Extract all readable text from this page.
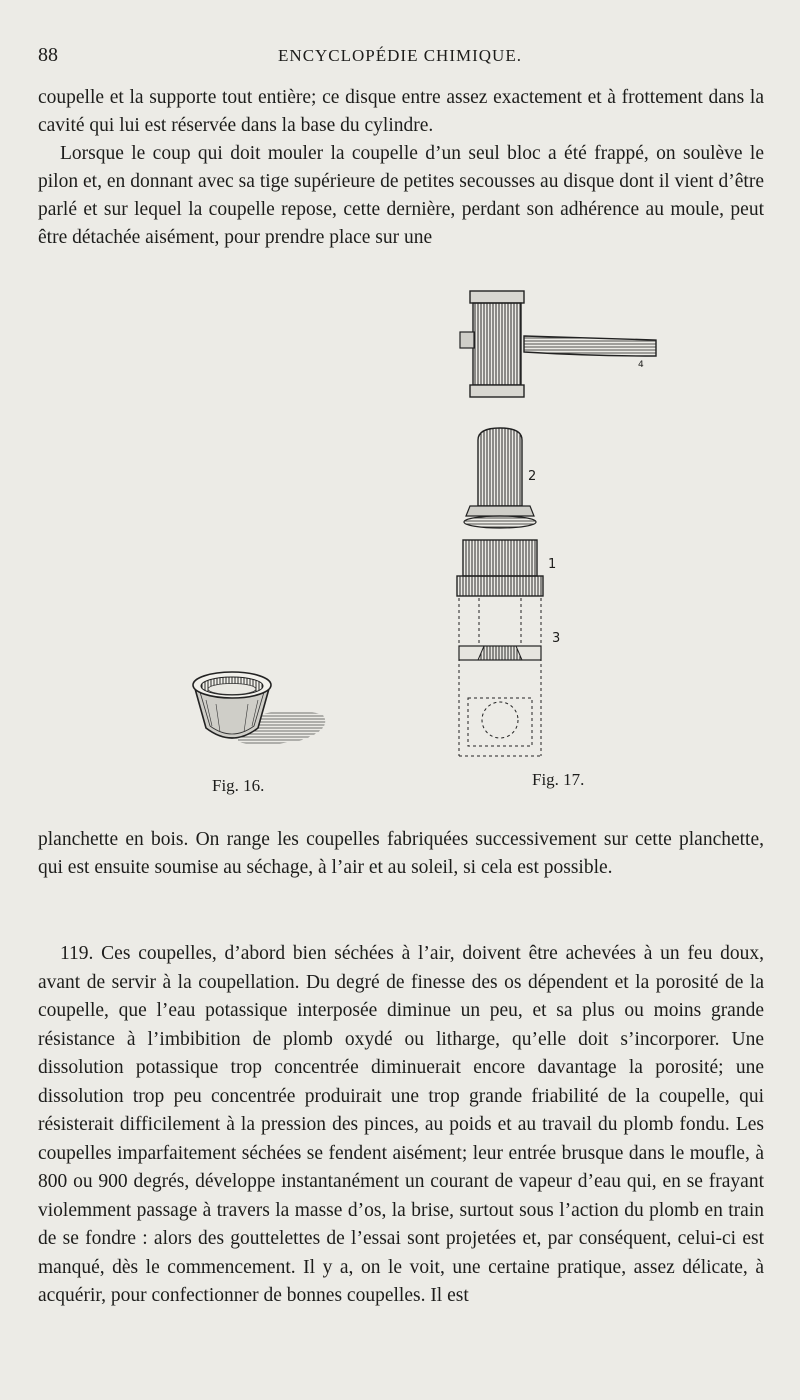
88	ENCYCLOPÉDIE CHIMIQUE.

coupelle et la supporte tout entière; ce disque entre assez exactement et à frottement dans la cavité qui lui est réservée dans la base du cylindre.

planchette en bois. On range les coupelles fabriquées successivement sur cette planchette, qui est ensuite soumise au séchage, à l’air et au soleil, si cela est possible.

119. Ces coupelles, d’abord bien séchées à l’air, doivent être achevées à un feu doux, avant de servir à la coupellation. Du degré de finesse des os dépendent et la porosité de la coupelle, que l’eau potassique interposée diminue un peu, et sa plus ou moins grande résistance à l’imbibition de plomb oxydé ou litharge, qu’elle doit s’incorporer. Une dissolution potassique trop concentrée diminuerait encore davantage la porosité; une dissolution trop peu concentrée produirait une trop grande friabilité de la coupelle, qui résisterait difficilement à la pression des pinces, au poids et au travail du plomb fondu. Les coupelles imparfaitement séchées se fendent aisément; leur entrée brusque dans le moufle, à 800 ou 900 degrés, développe instantanément un courant de vapeur d’eau qui, en se frayant violemment passage à travers la masse d’os, la brise, surtout sous l’action du plomb en train de se fondre : alors des gouttelettes de l’essai sont projetées et, par conséquent, celui-ci est manqué, dès le commencement. Il y a, on le voit, une certaine pratique, assez délicate, à acquérir, pour confectionner de bonnes coupelles. Il est

2
1
3
4
Fig. 16.	Fig. 17.

Lorsque le coup qui doit mouler la coupelle d’un seul bloc a été frappé, on soulève le pilon et, en donnant avec sa tige supérieure de petites secousses au disque dont il vient d’être parlé et sur lequel la coupelle repose, cette dernière, perdant son adhérence au moule, peut être détachée aisément, pour prendre place sur une
